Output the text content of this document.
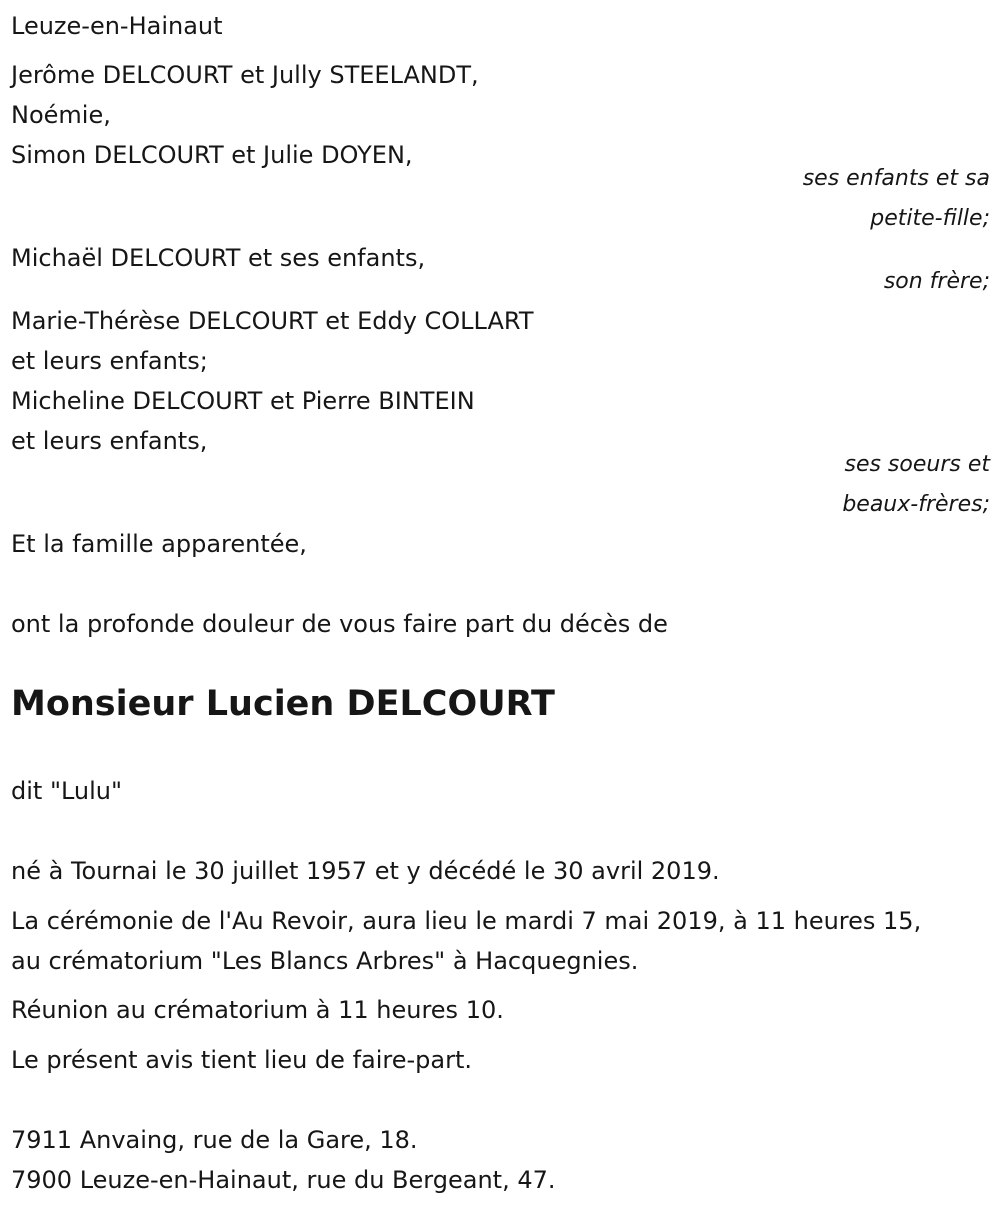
Leuze-en-Hainaut
Jerôme DELCOURT et Jully STEELANDT,
Noémie,
Simon DELCOURT et Julie DOYEN,
ses enfants et sa
petite-fille;
Michaël DELCOURT et ses enfants,
son frère;
Marie-Thérèse DELCOURT et Eddy COLLART
et leurs enfants;
Micheline DELCOURT et Pierre BINTEIN
et leurs enfants,
ses soeurs et
beaux-frères;
Et la famille apparentée,
ont la profonde douleur de vous faire part du décès de
Monsieur Lucien DELCOURT
dit "Lulu"
né à Tournai le 30 juillet 1957 et y décédé le 30 avril 2019.
La cérémonie de l'Au Revoir, aura lieu le mardi 7 mai 2019, à 11 heures 15,
au crématorium "Les Blancs Arbres" à Hacquegnies.
Réunion au crématorium à 11 heures 10.
Le présent avis tient lieu de faire-part.
7911 Anvaing, rue de la Gare, 18.
7900 Leuze-en-Hainaut, rue du Bergeant, 47.
